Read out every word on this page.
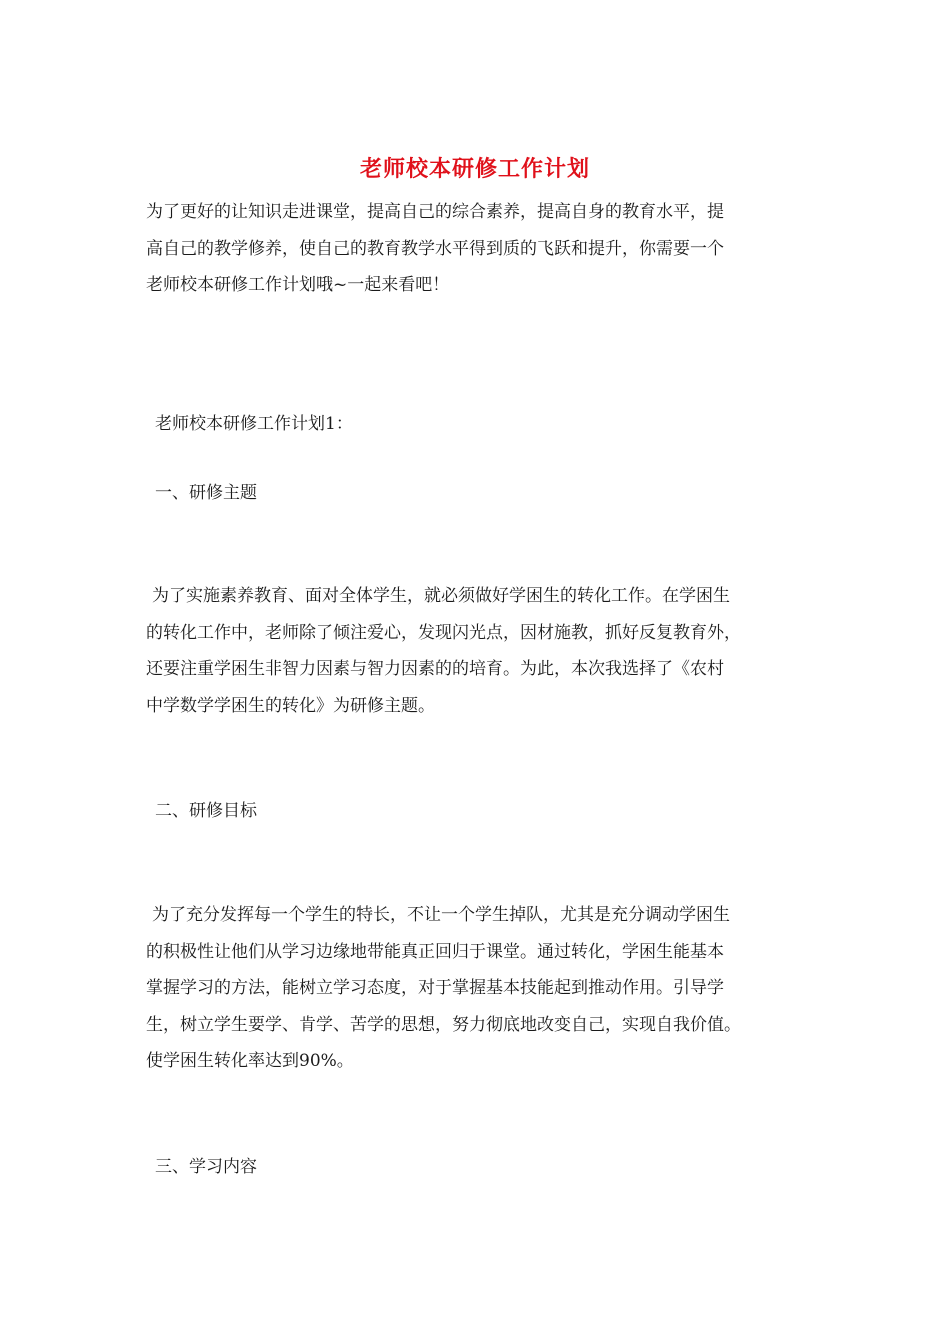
老师校本研修工作计划
为了更好的让知识走进课堂，提高自己的综合素养，提高自身的教育水平，提
高自己的教学修养，使自己的教育教学水平得到质的飞跃和提升，你需要一个
老师校本研修工作计划哦~一起来看吧！
老师校本研修工作计划1：
一、研修主题
为了实施素养教育、面对全体学生，就必须做好学困生的转化工作。在学困生
的转化工作中，老师除了倾注爱心，发现闪光点，因材施教，抓好反复教育外，
还要注重学困生非智力因素与智力因素的的培育。为此，本次我选择了《农村
中学数学学困生的转化》为研修主题。
二、研修目标
为了充分发挥每一个学生的特长，不让一个学生掉队，尤其是充分调动学困生
的积极性让他们从学习边缘地带能真正回归于课堂。通过转化，学困生能基本
掌握学习的方法，能树立学习态度，对于掌握基本技能起到推动作用。引导学
生，树立学生要学、肯学、苦学的思想，努力彻底地改变自己，实现自我价值。
使学困生转化率达到90%。
三、学习内容
